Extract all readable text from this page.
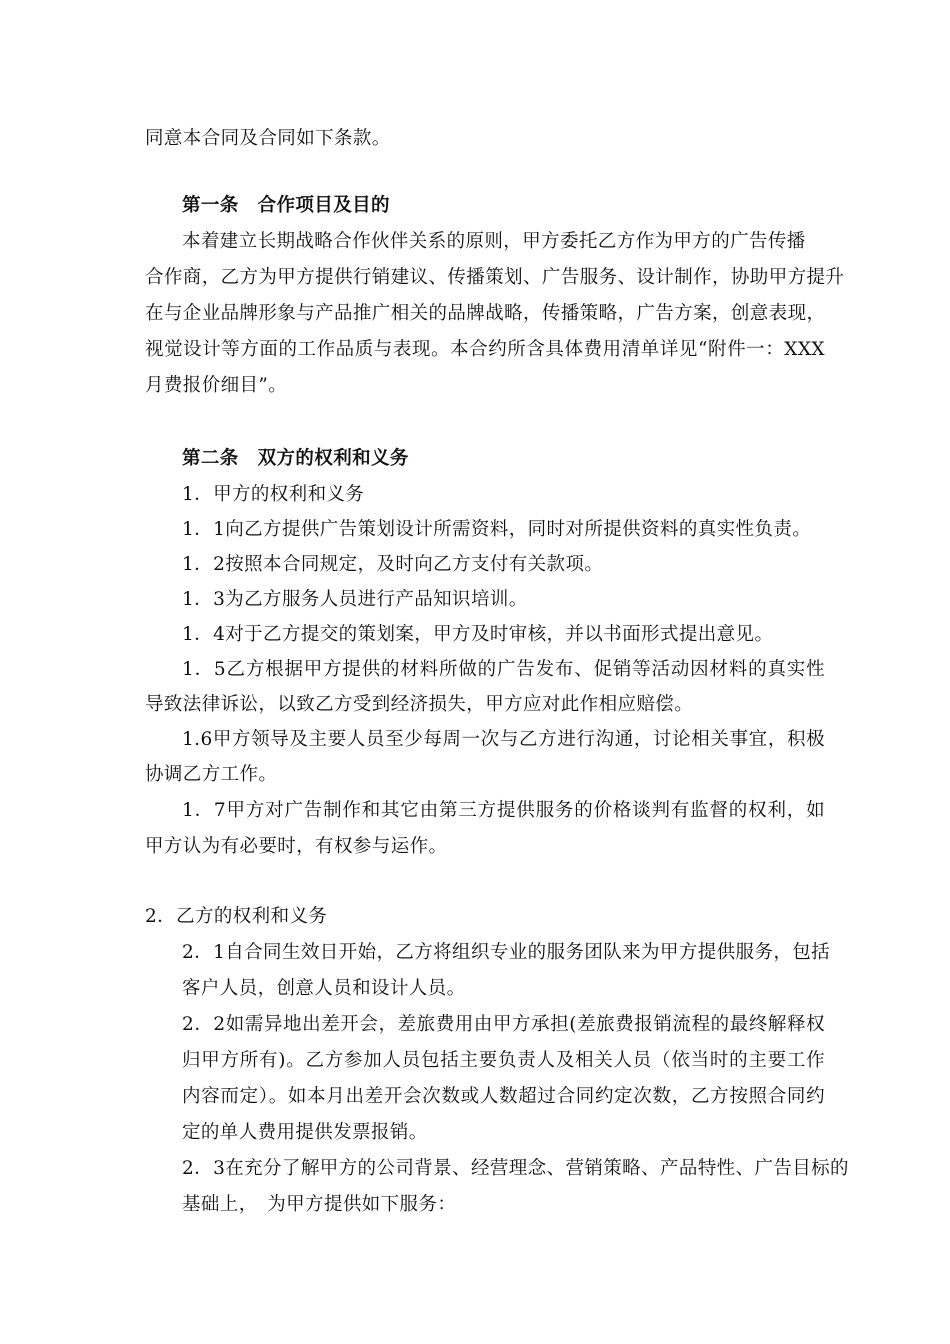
同意本合同及合同如下条款。
第一条　合作项目及目的
本着建立长期战略合作伙伴关系的原则，甲方委托乙方作为甲方的广告传播
合作商，乙方为甲方提供行销建议、传播策划、广告服务、设计制作，协助甲方提升
在与企业品牌形象与产品推广相关的品牌战略，传播策略，广告方案，创意表现，
视觉设计等方面的工作品质与表现。本合约所含具体费用清单详见“附件一：XXX
月费报价细目”。
第二条　双方的权利和义务
1．甲方的权利和义务
1．1向乙方提供广告策划设计所需资料，同时对所提供资料的真实性负责。
1．2按照本合同规定，及时向乙方支付有关款项。
1．3为乙方服务人员进行产品知识培训。
1．4对于乙方提交的策划案，甲方及时审核，并以书面形式提出意见。
1．5乙方根据甲方提供的材料所做的广告发布、促销等活动因材料的真实性
导致法律诉讼，以致乙方受到经济损失，甲方应对此作相应赔偿。
1.6甲方领导及主要人员至少每周一次与乙方进行沟通，讨论相关事宜，积极
协调乙方工作。
1．7甲方对广告制作和其它由第三方提供服务的价格谈判有监督的权利，如
甲方认为有必要时，有权参与运作。
2．乙方的权利和义务
2．1自合同生效日开始，乙方将组织专业的服务团队来为甲方提供服务，包括
客户人员，创意人员和设计人员。
2．2如需异地出差开会，差旅费用由甲方承担(差旅费报销流程的最终解释权
归甲方所有)。乙方参加人员包括主要负责人及相关人员（依当时的主要工作
内容而定）。如本月出差开会次数或人数超过合同约定次数，乙方按照合同约
定的单人费用提供发票报销。
2．3在充分了解甲方的公司背景、经营理念、营销策略、产品特性、广告目标的
基础上，　为甲方提供如下服务：
